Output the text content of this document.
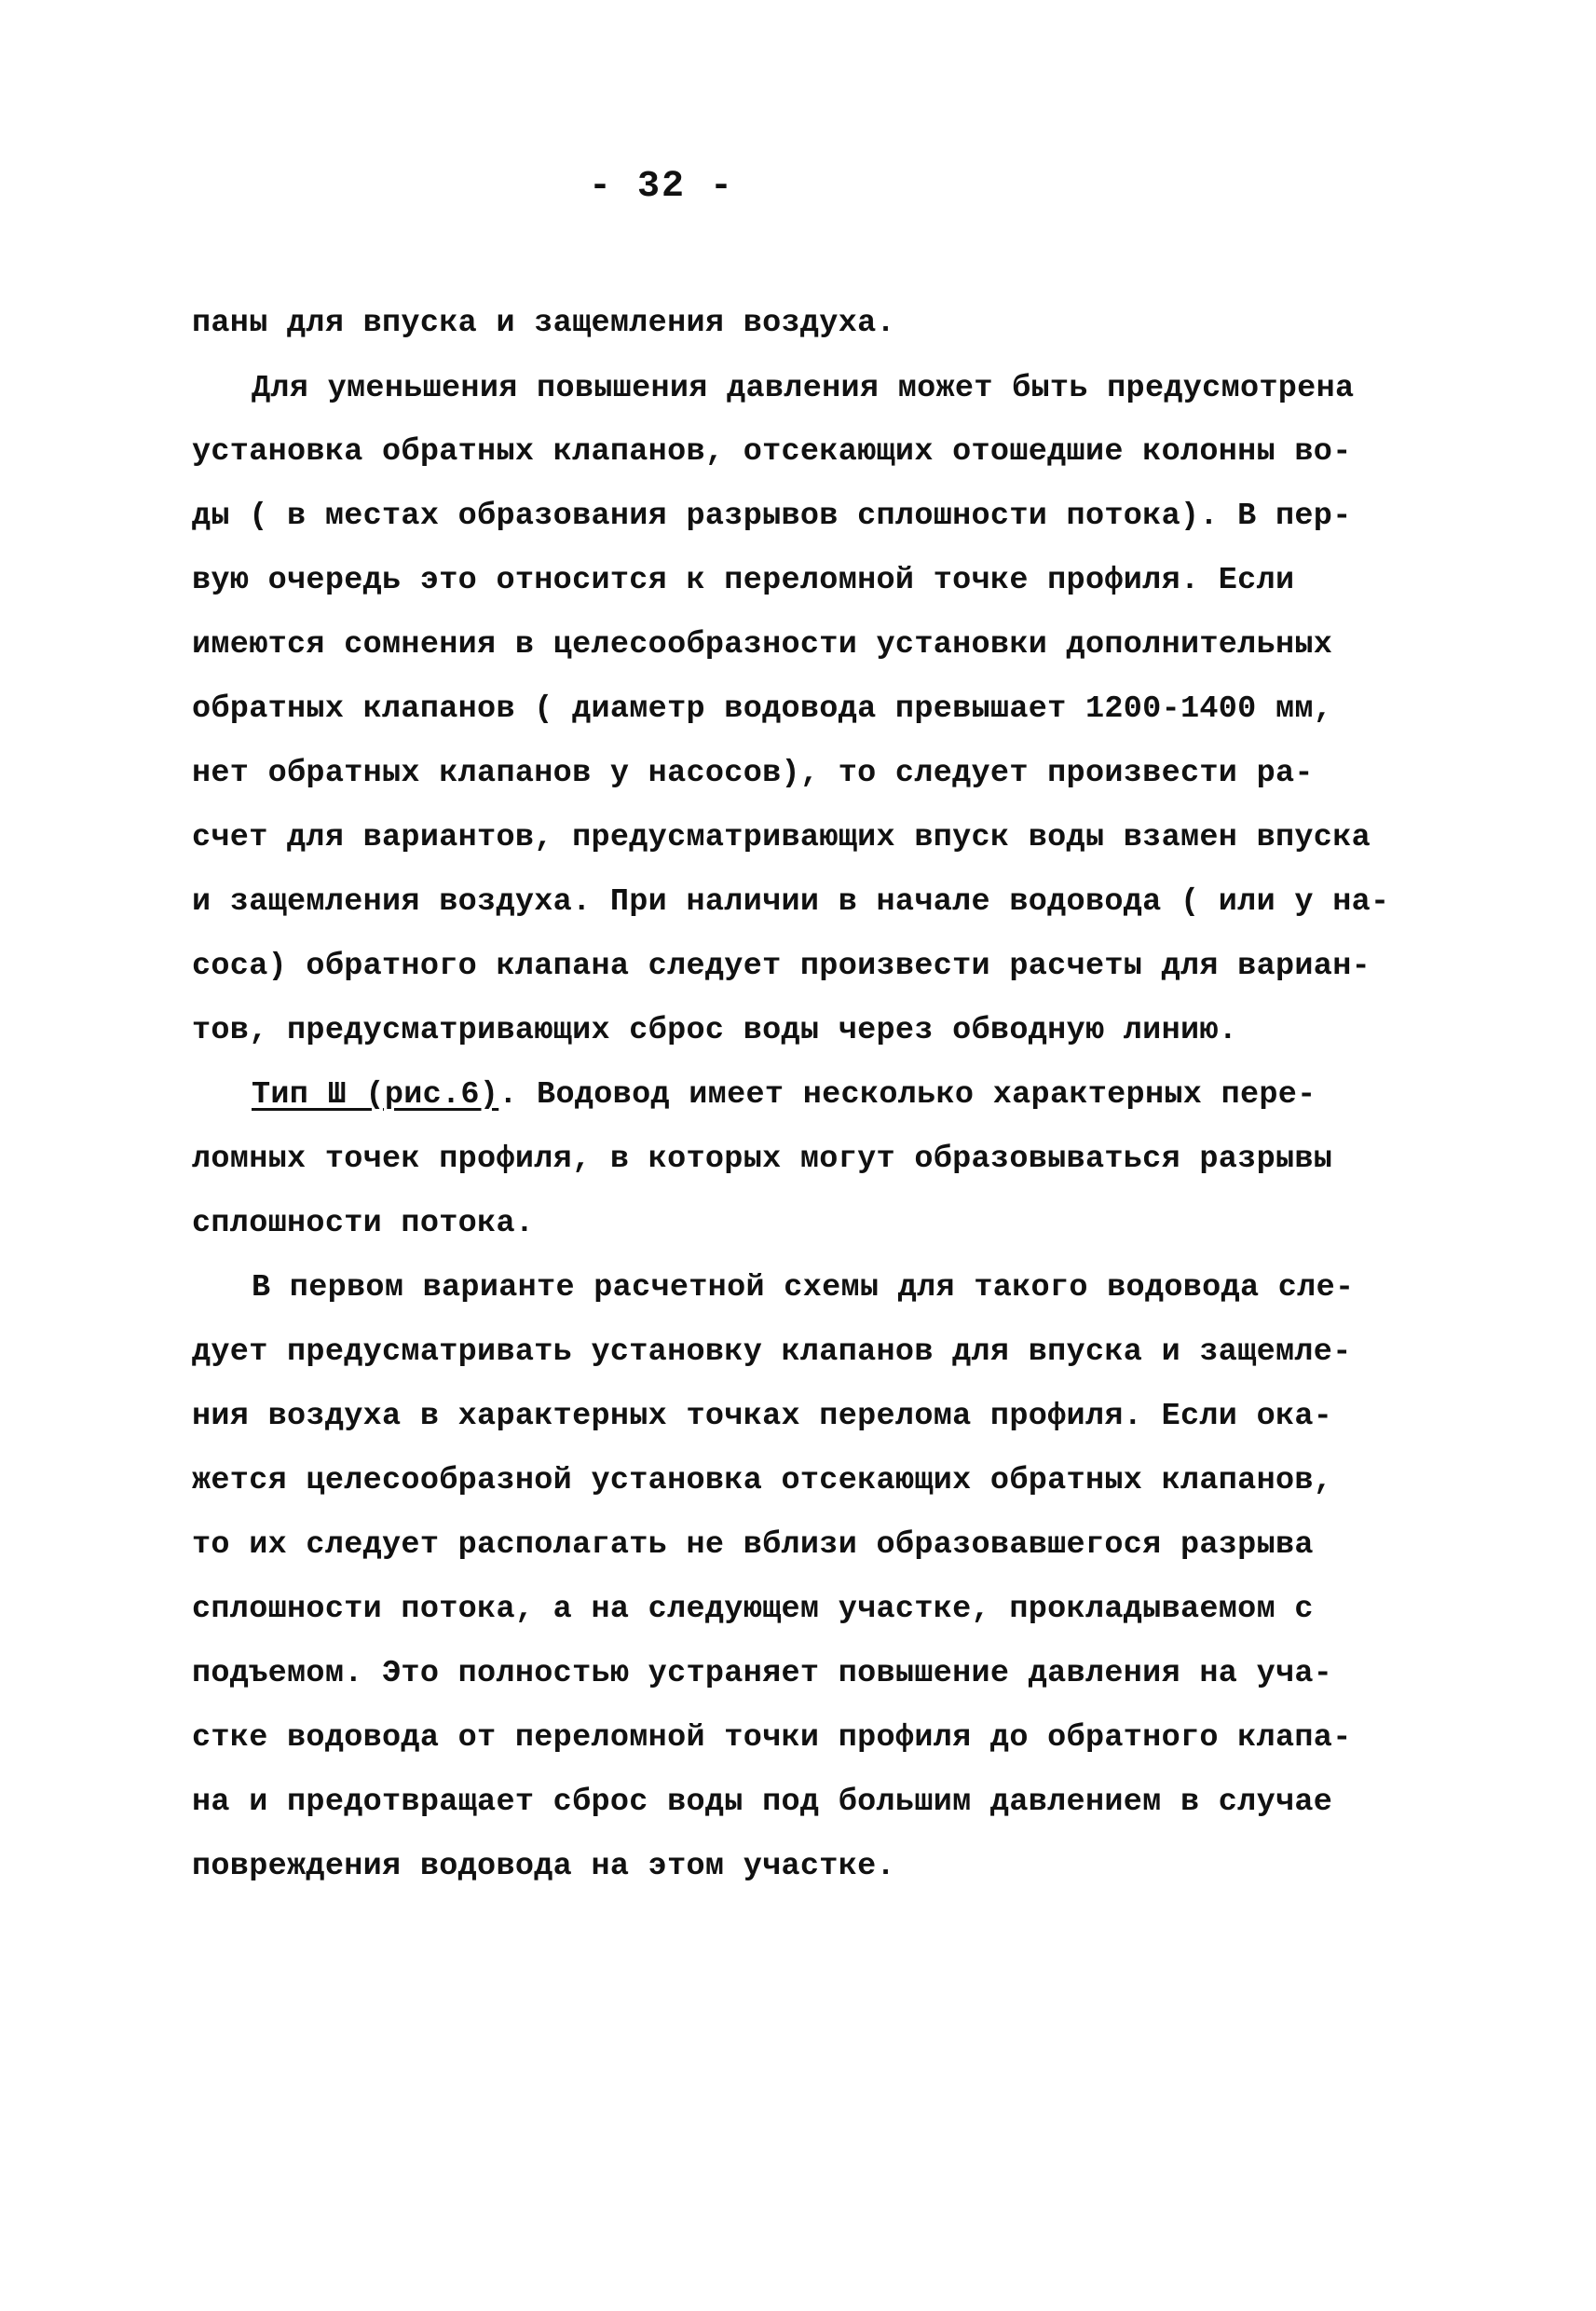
- 32 -
паны для впуска и защемления воздуха.
Для уменьшения повышения давления может быть предусмотрена
установка обратных клапанов, отсекающих отошедшие колонны во-
ды ( в местах образования разрывов сплошности потока). В пер-
вую очередь это относится к переломной точке профиля. Если
имеются сомнения в целесообразности установки дополнительных
обратных клапанов ( диаметр водовода превышает 1200-1400 мм,
нет обратных клапанов у насосов), то следует произвести ра-
счет для вариантов, предусматривающих впуск воды взамен впуска
и защемления воздуха. При наличии в начале водовода ( или у на-
соса) обратного клапана следует произвести расчеты для вариан-
тов, предусматривающих сброс воды через обводную линию.
Тип Ш (рис.6). Водовод имеет несколько характерных пере-
ломных точек профиля, в которых могут образовываться разрывы
сплошности потока.
В первом варианте расчетной схемы для такого водовода сле-
дует предусматривать установку клапанов для впуска и защемле-
ния воздуха в характерных точках перелома профиля. Если ока-
жется целесообразной установка отсекающих обратных клапанов,
то их следует располагать не вблизи образовавшегося разрыва
сплошности потока, а на следующем участке, прокладываемом с
подъемом. Это полностью устраняет повышение давления на уча-
стке водовода от переломной точки профиля до обратного клапа-
на и предотвращает сброс воды под большим давлением в случае
повреждения водовода на этом участке.
